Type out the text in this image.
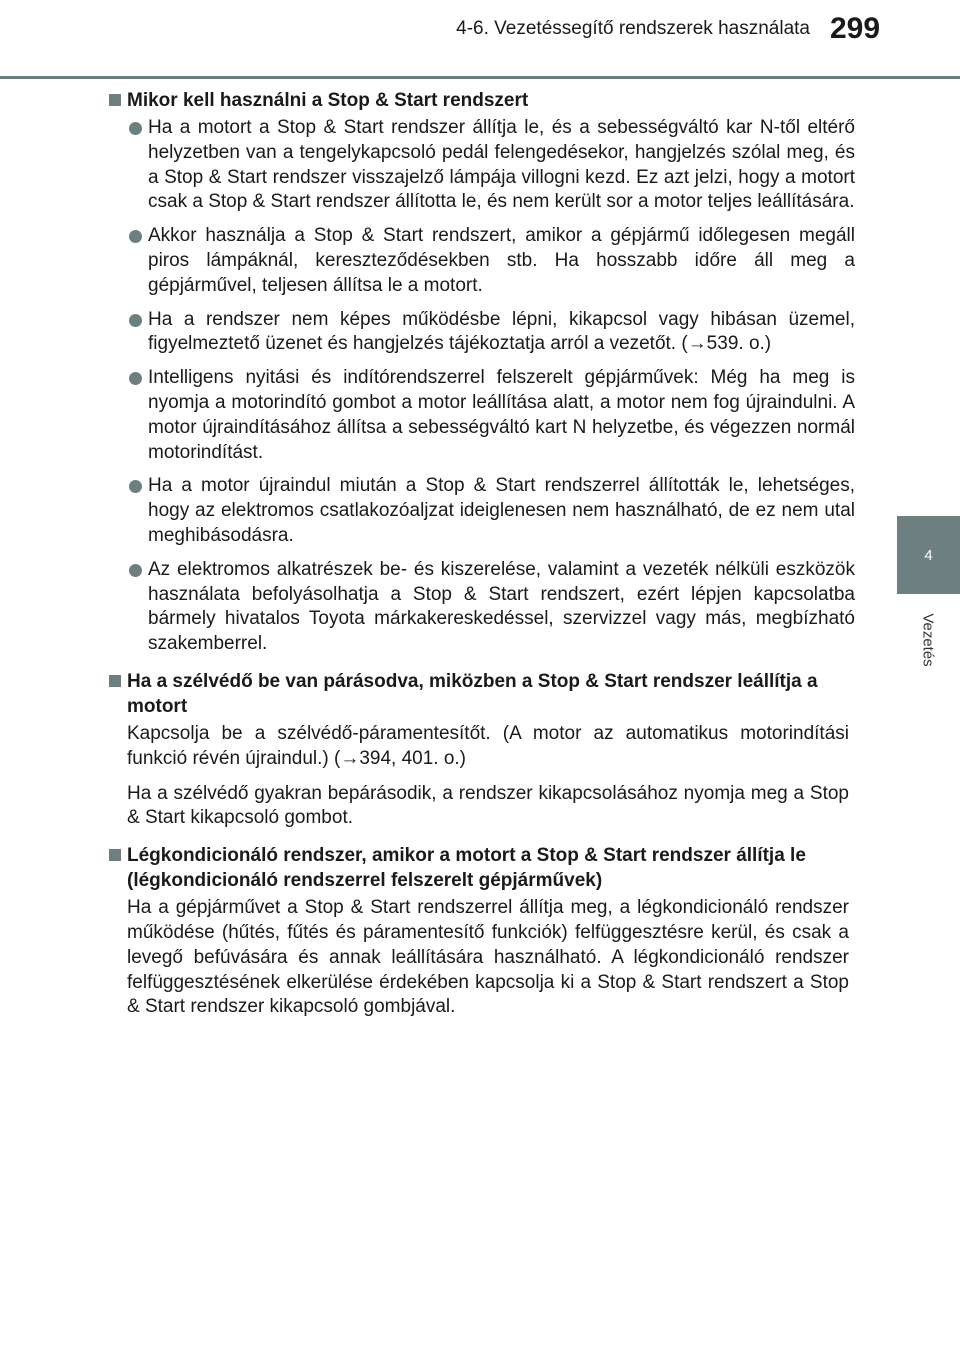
4-6. Vezetéssegítő rendszerek használata 299
4
Vezetés
Mikor kell használni a Stop & Start rendszert
Ha a motort a Stop & Start rendszer állítja le, és a sebességváltó kar N-től eltérő helyzetben van a tengelykapcsoló pedál felengedésekor, hangjelzés szólal meg, és a Stop & Start rendszer visszajelző lámpája villogni kezd. Ez azt jelzi, hogy a motort csak a Stop & Start rendszer állította le, és nem került sor a motor teljes leállítására.
Akkor használja a Stop & Start rendszert, amikor a gépjármű időlegesen megáll piros lámpáknál, kereszteződésekben stb. Ha hosszabb időre áll meg a gépjárművel, teljesen állítsa le a motort.
Ha a rendszer nem képes működésbe lépni, kikapcsol vagy hibásan üzemel, figyelmeztető üzenet és hangjelzés tájékoztatja arról a vezetőt. (→539. o.)
Intelligens nyitási és indítórendszerrel felszerelt gépjárművek: Még ha meg is nyomja a motorindító gombot a motor leállítása alatt, a motor nem fog újraindulni. A motor újraindításához állítsa a sebességváltó kart N helyzetbe, és végezzen normál motorindítást.
Ha a motor újraindul miután a Stop & Start rendszerrel állították le, lehetséges, hogy az elektromos csatlakozóaljzat ideiglenesen nem használható, de ez nem utal meghibásodásra.
Az elektromos alkatrészek be- és kiszerelése, valamint a vezeték nélküli eszközök használata befolyásolhatja a Stop & Start rendszert, ezért lépjen kapcsolatba bármely hivatalos Toyota márkakereskedéssel, szervizzel vagy más, megbízható szakemberrel.
Ha a szélvédő be van párásodva, miközben a Stop & Start rendszer leállítja a motort

Kapcsolja be a szélvédő-páramentesítőt. (A motor az automatikus motorindítási funkció révén újraindul.) (→394, 401. o.)

Ha a szélvédő gyakran bepárásodik, a rendszer kikapcsolásához nyomja meg a Stop & Start kikapcsoló gombot.

Légkondicionáló rendszer, amikor a motort a Stop & Start rendszer állítja le (légkondicionáló rendszerrel felszerelt gépjárművek)

Ha a gépjárművet a Stop & Start rendszerrel állítja meg, a légkondicionáló rendszer működése (hűtés, fűtés és páramentesítő funkciók) felfüggesztésre kerül, és csak a levegő befúvására és annak leállítására használható. A légkondicionáló rendszer felfüggesztésének elkerülése érdekében kapcsolja ki a Stop & Start rendszert a Stop & Start rendszer kikapcsoló gombjával.
